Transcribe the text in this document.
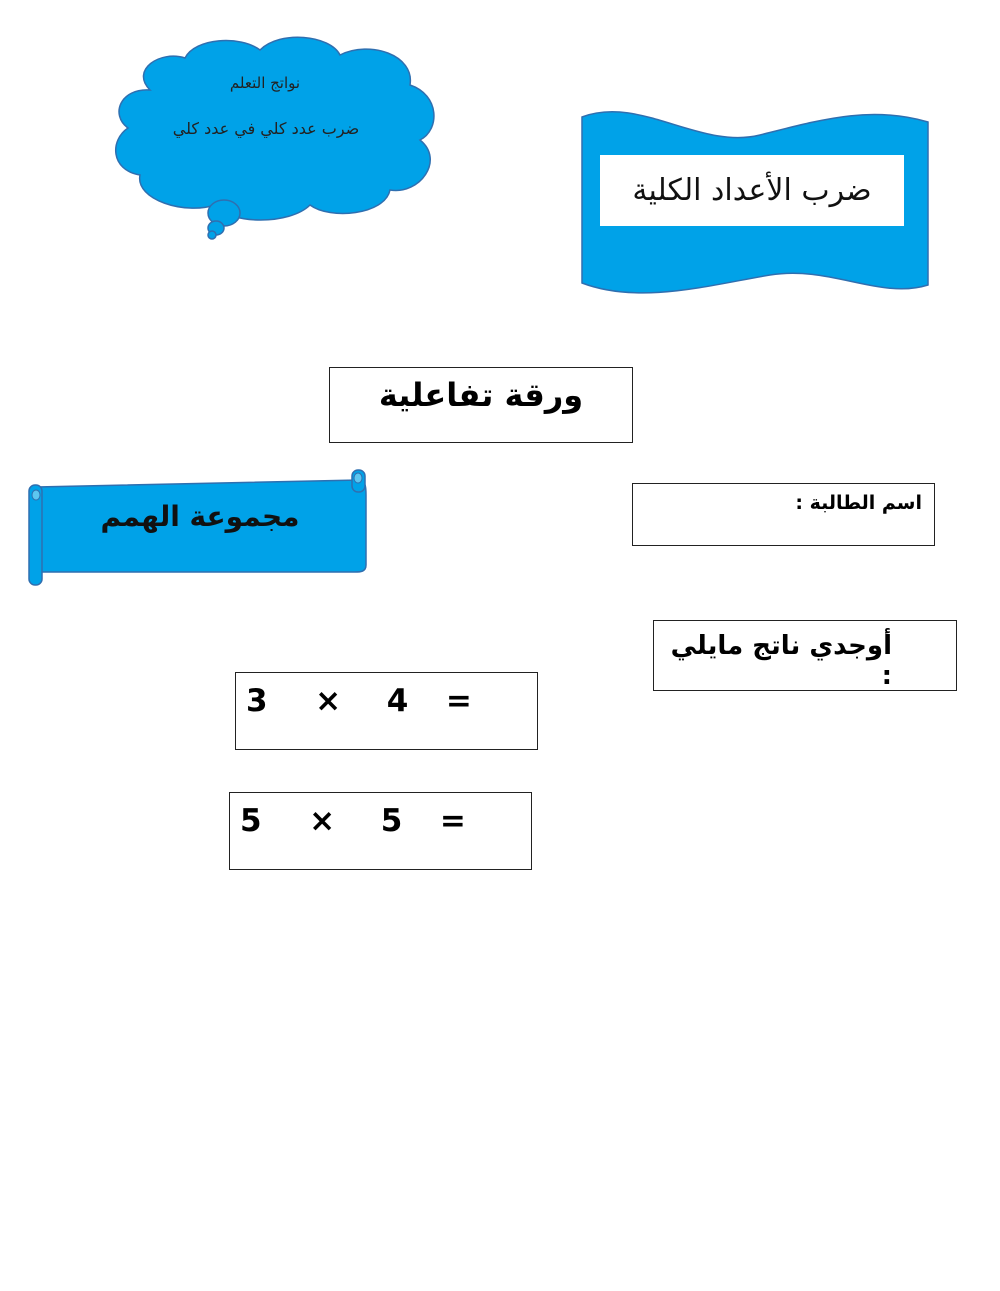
نواتج التعلم
ضرب عدد كلي في عدد كلي
ضرب الأعداد الكلية
ورقة تفاعلية
مجموعة الهمم	اسم الطالبة :
أوجدي ناتج مايلي :
3 × 4 =
5 × 5 =
